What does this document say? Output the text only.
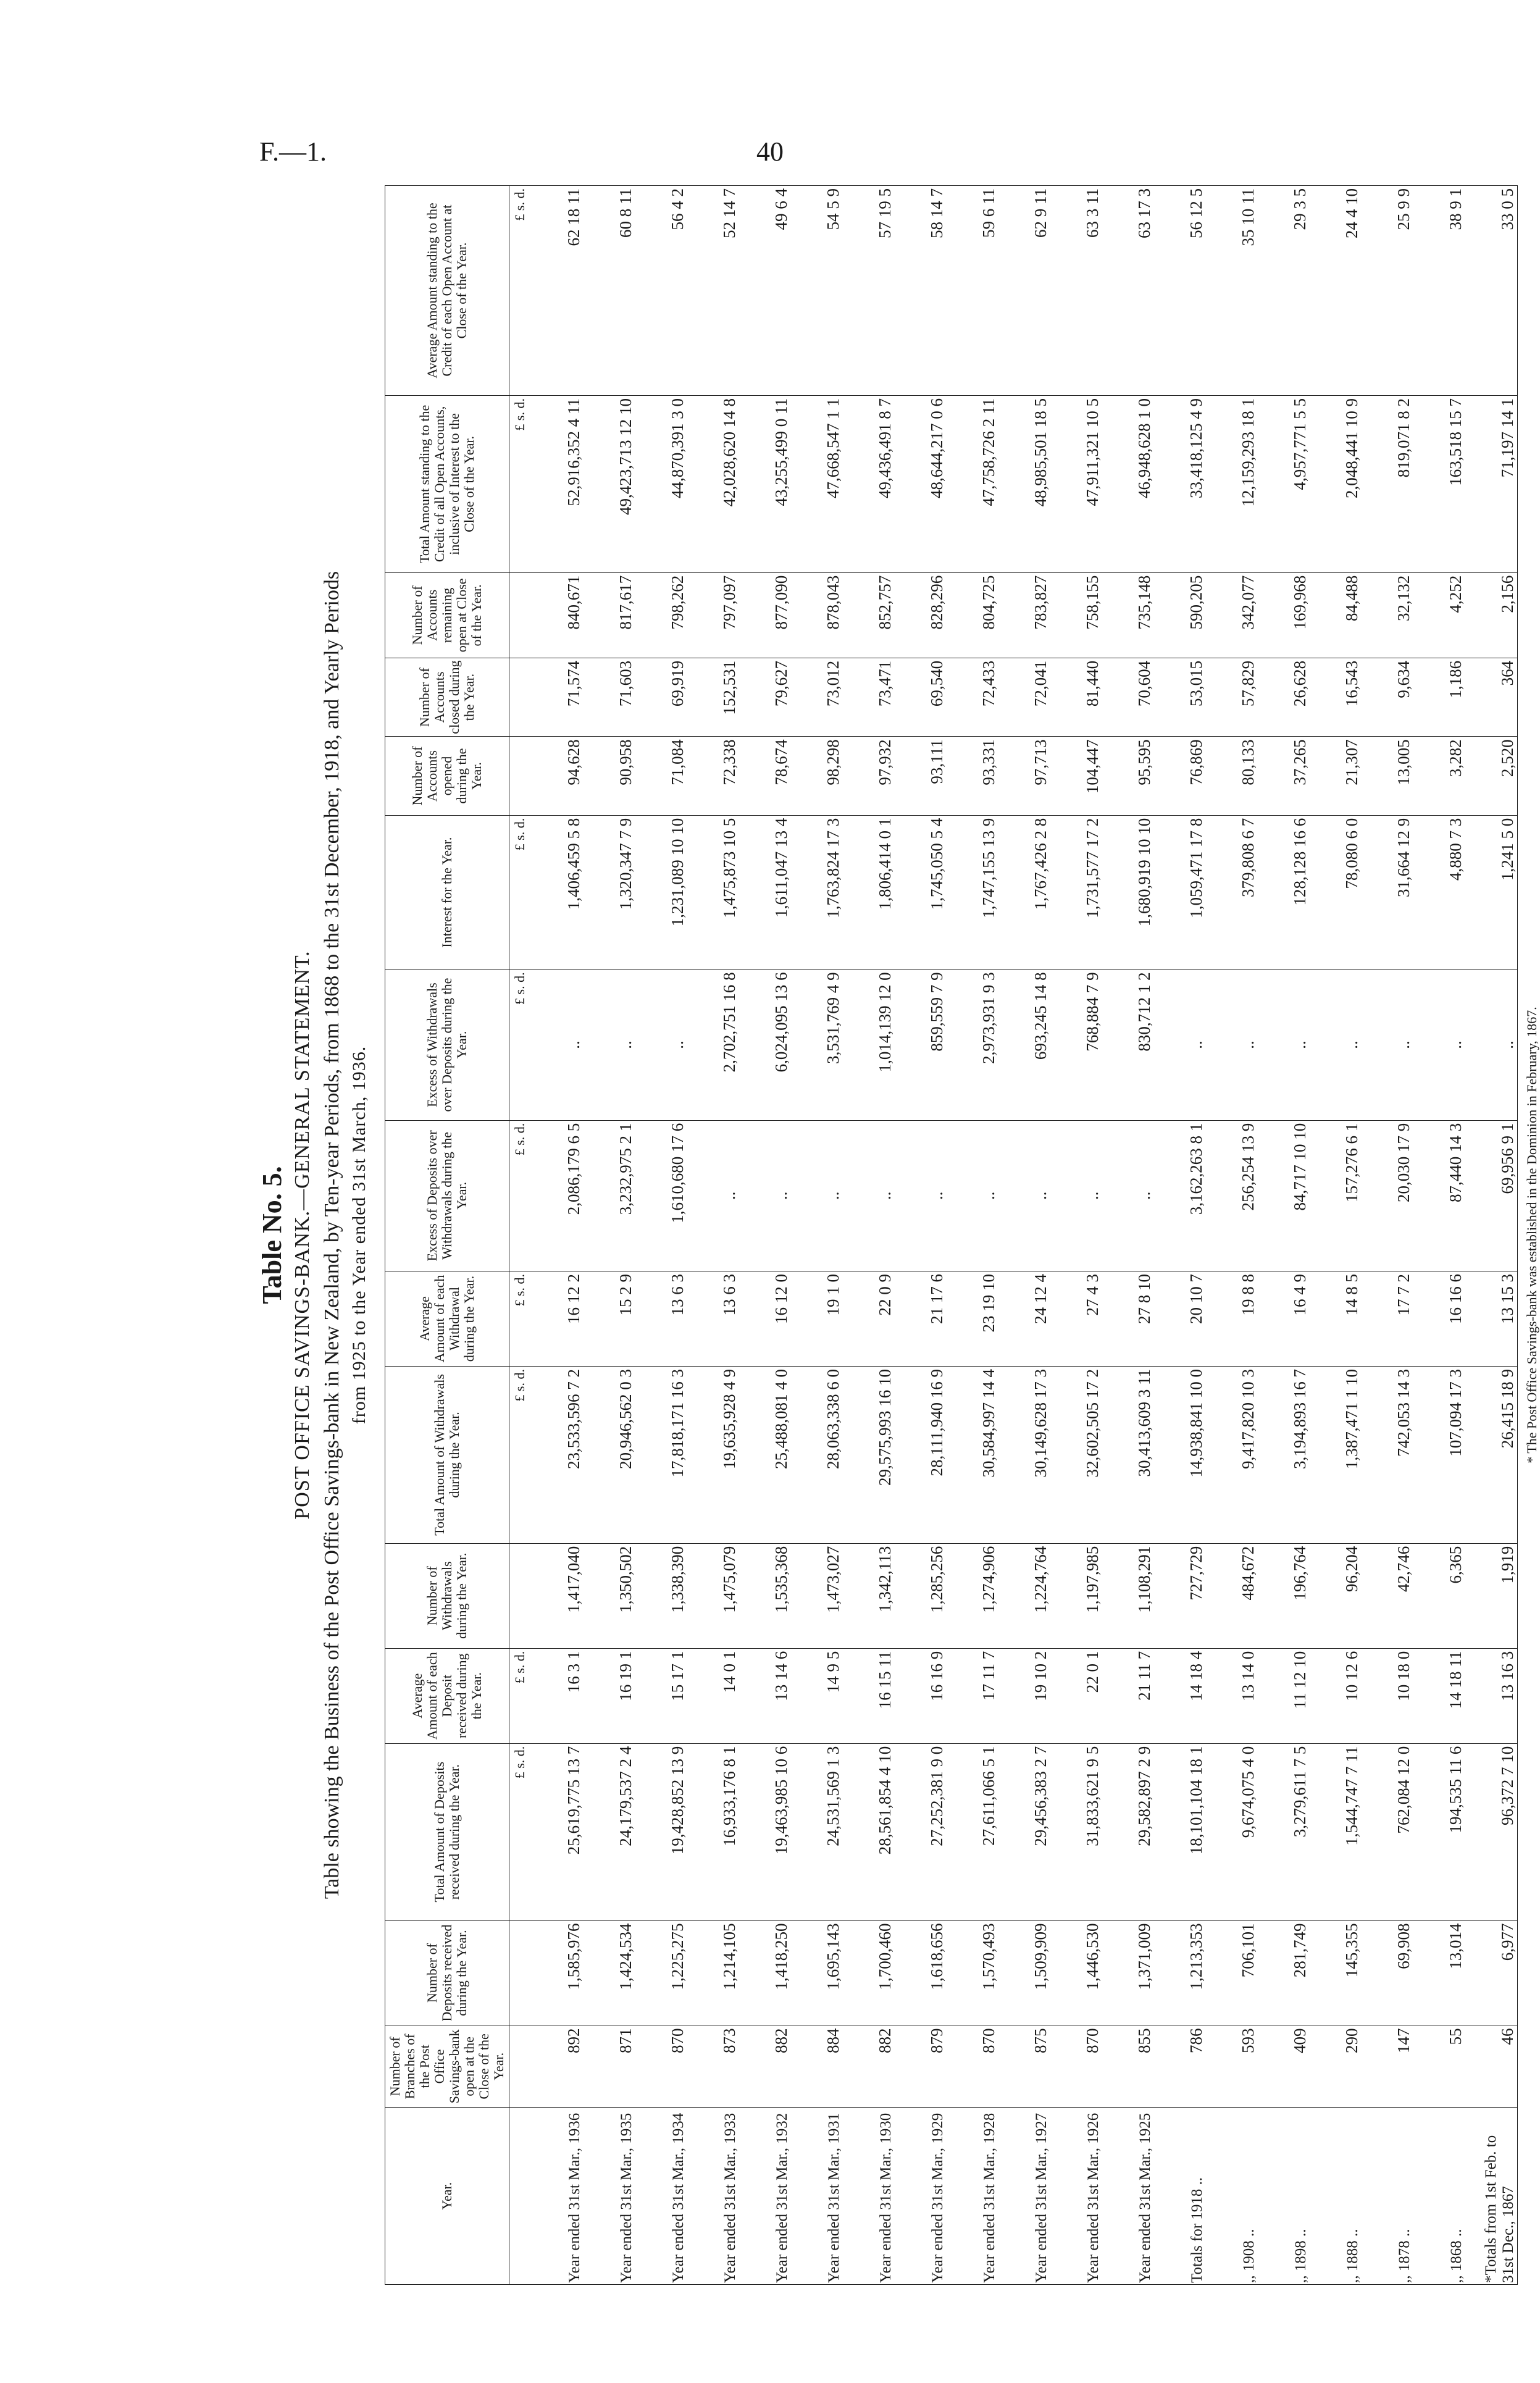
F.—1.	40

Table No. 5. POST OFFICE SAVINGS-BANK.—GENERAL STATEMENT. Table showing the Business of the Post Office Savings-bank in New Zealand, by Ten-year Periods, from 1868 to the 31st December, 1918, and Yearly Periods from 1925 to the Year ended 31st March, 1936.

Year.	Number of Branches of the Post Office Savings-bank open at the Close of the Year.	Number of Deposits received during the Year.	Total Amount of Deposits received during the Year.	Average Amount of each Deposit received during the Year.	Number of Withdrawals during the Year.	Total Amount of Withdrawals during the Year.	Average Amount of each Withdrawal during the Year.	Excess of Deposits over Withdrawals during the Year.	Excess of Withdrawals over Deposits during the Year.	Interest for the Year.	Number of Accounts opened during the Year.	Number of Accounts closed during the Year.	Number of Accounts remaining open at Close of the Year.	Total Amount standing to the Credit of all Open Accounts, inclusive of Interest to the Close of the Year.	Average Amount standing to the Credit of each Open Account at Close of the Year.
			£ s. d.	£ s. d.		£ s. d.	£ s. d.	£ s. d.	£ s. d.	£ s. d.				£ s. d.	£ s. d.
Year ended 31st Mar., 1936	892	1,585,976	25,619,775 13 7	16 3 1	1,417,040	23,533,596 7 2	16 12 2	2,086,179 6 5	..	1,406,459 5 8	94,628	71,574	840,671	52,916,352 4 11	62 18 11
Year ended 31st Mar., 1935	871	1,424,534	24,179,537 2 4	16 19 1	1,350,502	20,946,562 0 3	15 2 9	3,232,975 2 1	..	1,320,347 7 9	90,958	71,603	817,617	49,423,713 12 10	60 8 11
Year ended 31st Mar., 1934	870	1,225,275	19,428,852 13 9	15 17 1	1,338,390	17,818,171 16 3	13 6 3	1,610,680 17 6	..	1,231,089 10 10	71,084	69,919	798,262	44,870,391 3 0	56 4 2
Year ended 31st Mar., 1933	873	1,214,105	16,933,176 8 1	14 0 1	1,475,079	19,635,928 4 9	13 6 3	..	2,702,751 16 8	1,475,873 10 5	72,338	152,531	797,097	42,028,620 14 8	52 14 7
Year ended 31st Mar., 1932	882	1,418,250	19,463,985 10 6	13 14 6	1,535,368	25,488,081 4 0	16 12 0	..	6,024,095 13 6	1,611,047 13 4	78,674	79,627	877,090	43,255,499 0 11	49 6 4
Year ended 31st Mar., 1931	884	1,695,143	24,531,569 1 3	14 9 5	1,473,027	28,063,338 6 0	19 1 0	..	3,531,769 4 9	1,763,824 17 3	98,298	73,012	878,043	47,668,547 1 1	54 5 9
Year ended 31st Mar., 1930	882	1,700,460	28,561,854 4 10	16 15 11	1,342,113	29,575,993 16 10	22 0 9	..	1,014,139 12 0	1,806,414 0 1	97,932	73,471	852,757	49,436,491 8 7	57 19 5
Year ended 31st Mar., 1929	879	1,618,656	27,252,381 9 0	16 16 9	1,285,256	28,111,940 16 9	21 17 6	..	859,559 7 9	1,745,050 5 4	93,111	69,540	828,296	48,644,217 0 6	58 14 7
Year ended 31st Mar., 1928	870	1,570,493	27,611,066 5 1	17 11 7	1,274,906	30,584,997 14 4	23 19 10	..	2,973,931 9 3	1,747,155 13 9	93,331	72,433	804,725	47,758,726 2 11	59 6 11
Year ended 31st Mar., 1927	875	1,509,909	29,456,383 2 7	19 10 2	1,224,764	30,149,628 17 3	24 12 4	..	693,245 14 8	1,767,426 2 8	97,713	72,041	783,827	48,985,501 18 5	62 9 11
Year ended 31st Mar., 1926	870	1,446,530	31,833,621 9 5	22 0 1	1,197,985	32,602,505 17 2	27 4 3	..	768,884 7 9	1,731,577 17 2	104,447	81,440	758,155	47,911,321 10 5	63 3 11
Year ended 31st Mar., 1925	855	1,371,009	29,582,897 2 9	21 11 7	1,108,291	30,413,609 3 11	27 8 10	..	830,712 1 2	1,680,919 10 10	95,595	70,604	735,148	46,948,628 1 0	63 17 3
Totals for 1918 ..	786	1,213,353	18,101,104 18 1	14 18 4	727,729	14,938,841 10 0	20 10 7	3,162,263 8 1	..	1,059,471 17 8	76,869	53,015	590,205	33,418,125 4 9	56 12 5
,, 1908 ..	593	706,101	9,674,075 4 0	13 14 0	484,672	9,417,820 10 3	19 8 8	256,254 13 9	..	379,808 6 7	80,133	57,829	342,077	12,159,293 18 1	35 10 11
,, 1898 ..	409	281,749	3,279,611 7 5	11 12 10	196,764	3,194,893 16 7	16 4 9	84,717 10 10	..	128,128 16 6	37,265	26,628	169,968	4,957,771 5 5	29 3 5
,, 1888 ..	290	145,355	1,544,747 7 11	10 12 6	96,204	1,387,471 1 10	14 8 5	157,276 6 1	..	78,080 6 0	21,307	16,543	84,488	2,048,441 10 9	24 4 10
,, 1878 ..	147	69,908	762,084 12 0	10 18 0	42,746	742,053 14 3	17 7 2	20,030 17 9	..	31,664 12 9	13,005	9,634	32,132	819,071 8 2	25 9 9
,, 1868 ..	55	13,014	194,535 11 6	14 18 11	6,365	107,094 17 3	16 16 6	87,440 14 3	..	4,880 7 3	3,282	1,186	4,252	163,518 15 7	38 9 1
*Totals from 1st Feb. to 31st Dec., 1867	46	6,977	96,372 7 10	13 16 3	1,919	26,415 18 9	13 15 3	69,956 9 1	..	1,241 5 0	2,520	364	2,156	71,197 14 1	33 0 5
* The Post Office Savings-bank was established in the Dominion in February, 1867.
